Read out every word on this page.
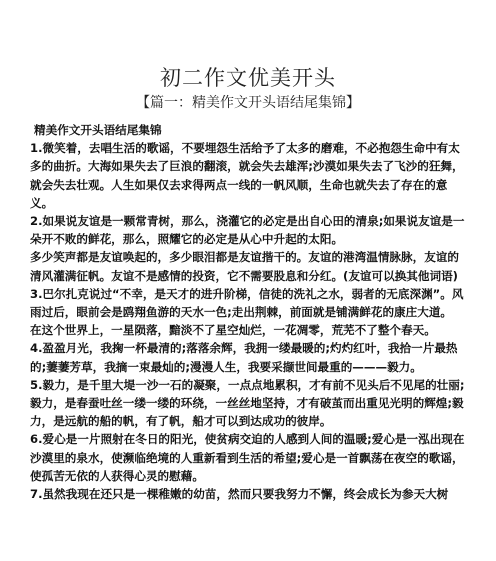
初二作文优美开头
【篇一：精美作文开头语结尾集锦】

精美作文开头语结尾集锦

1.微笑着，去唱生活的歌谣，不要埋怨生活给予了太多的磨难，不必抱怨生命中有太多的曲折。大海如果失去了巨浪的翻滚，就会失去雄浑;沙漠如果失去了飞沙的狂舞，就会失去壮观。人生如果仅去求得两点一线的一帆风顺，生命也就失去了存在的意义。

2.如果说友谊是一颗常青树，那么，浇灌它的必定是出自心田的清泉;如果说友谊是一朵开不败的鲜花，那么，照耀它的必定是从心中升起的太阳。

多少笑声都是友谊唤起的，多少眼泪都是友谊揩干的。友谊的港湾温情脉脉，友谊的清风灌满征帆。友谊不是感情的投资，它不需要股息和分红。(友谊可以换其他词语)

3.巴尔扎克说过“不幸，是天才的进升阶梯，信徒的洗礼之水，弱者的无底深渊”。风雨过后，眼前会是鸥翔鱼游的天水一色;走出荆棘，前面就是铺满鲜花的康庄大道。

在这个世界上，一星陨落，黯淡不了星空灿烂，一花凋零，荒芜不了整个春天。

4.盈盈月光，我掬一杯最清的;落落余辉，我拥一缕最暖的;灼灼红叶，我拾一片最热的;萋萋芳草，我摘一束最灿的;漫漫人生，我要采撷世间最重的———毅力。

5.毅力，是千里大堤一沙一石的凝聚，一点点地累积，才有前不见头后不见尾的壮丽;毅力，是春蚕吐丝一缕一缕的环绕，一丝丝地坚持，才有破茧而出重见光明的辉煌;毅力，是远航的船的帆，有了帆，船才可以到达成功的彼岸。

6.爱心是一片照射在冬日的阳光，使贫病交迫的人感到人间的温暖;爱心是一泓出现在沙漠里的泉水，使濒临绝境的人重新看到生活的希望;爱心是一首飘荡在夜空的歌谣，使孤苦无依的人获得心灵的慰藉。

7.虽然我现在还只是一棵稚嫩的幼苗，然而只要我努力不懈，终会成长为参天大树
